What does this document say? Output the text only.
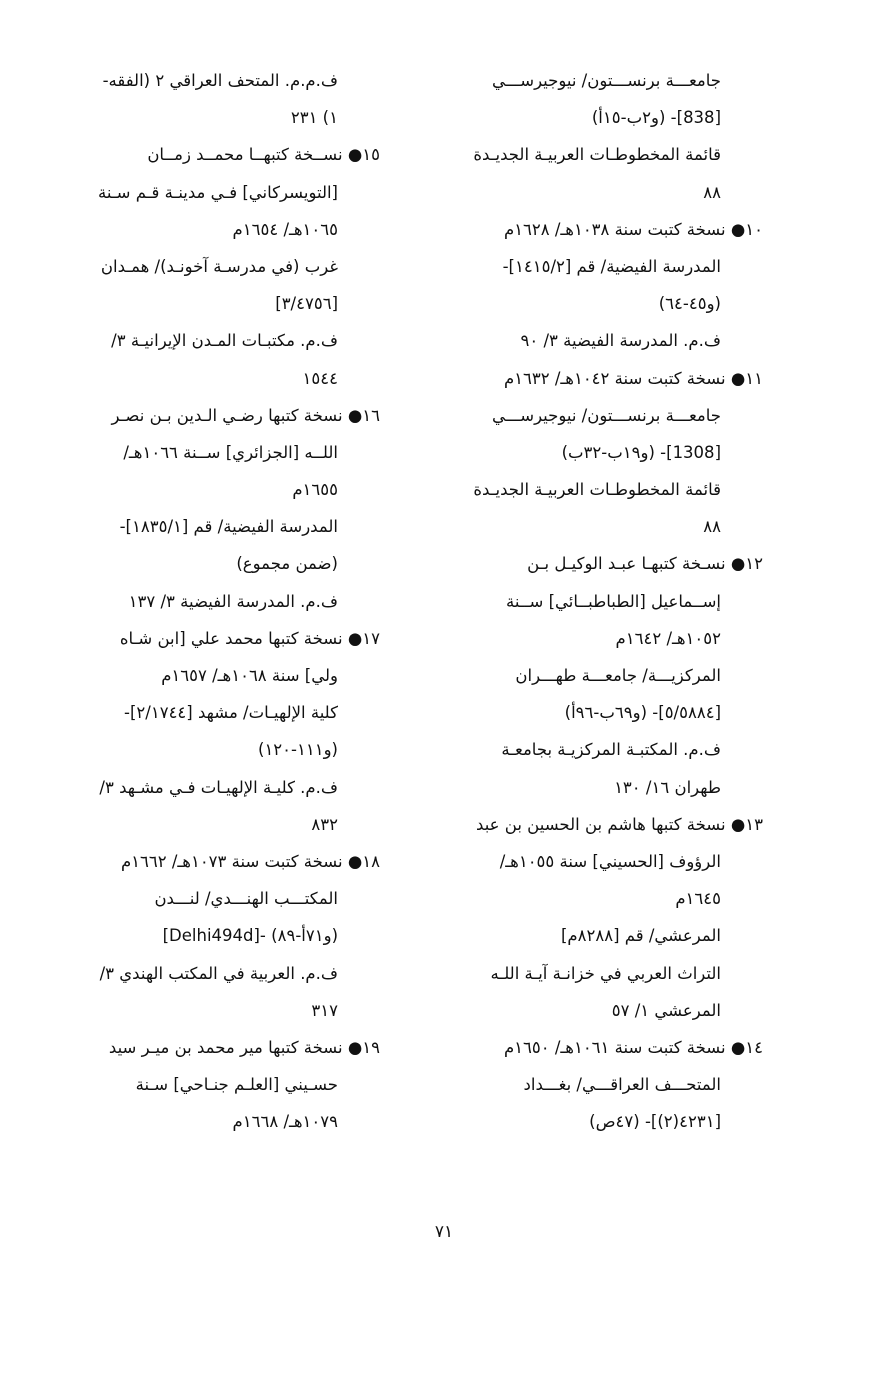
جامعـــة برنســـتون/ نيوجيرســـي
[838]- (و٢ب-١٥أ)
قائمة المخطوطـات العربيـة الجديـدة
٨٨
١٠● نسخة كتبت سنة ١٠٣٨هـ/ ١٦٢٨م
المدرسة الفيضية/ قم [١٤١٥/٢]-
(و٤٥-٦٤)
ف.م. المدرسة الفيضية ٣/ ٩٠
١١● نسخة كتبت سنة ١٠٤٢هـ/ ١٦٣٢م
جامعـــة برنســـتون/ نيوجيرســـي
[1308]- (و١٩ب-٣٢ب)
قائمة المخطوطـات العربيـة الجديـدة
٨٨
١٢● نسـخة كتبهـا عبـد الوكيـل بـن
إســماعيل [الطباطبــائي] ســنة
١٠٥٢هـ/ ١٦٤٢م
المركزيـــة/ جامعـــة طهـــران
[٥/٥٨٨٤]- (و٦٩ب-٩٦أ)
ف.م. المكتبـة المركزيـة بجامعـة
طهران ١٦/ ١٣٠
١٣● نسخة كتبها هاشم بن الحسين بن عبد
الرؤوف [الحسيني] سنة ١٠٥٥هـ/
١٦٤٥م
المرعشي/ قم [٨٢٨٨م]
التراث العربي في خزانـة آيـة اللـه
المرعشي ١/ ٥٧
١٤● نسخة كتبت سنة ١٠٦١هـ/ ١٦٥٠م
المتحـــف العراقـــي/ بغـــداد
[٤٢٣١(٢)]- (٤٧ص)
ف.م.م. المتحف العراقي ٢ (الفقه-
١) ٢٣١
١٥● نســخة كتبهــا محمــد زمــان
[التويسركاني] فـي مدينـة قـم سـنة
١٠٦٥هـ/ ١٦٥٤م
غرب (في مدرسـة آخونـد)/ همـدان
[٣/٤٧٥٦]
ف.م. مكتبـات المـدن الإيرانيـة ٣/
١٥٤٤
١٦● نسخة كتبها رضـي الـدين بـن نصـر
اللــه [الجزائري] ســنة ١٠٦٦هـ/
١٦٥٥م
المدرسة الفيضية/ قم [١٨٣٥/١]-
(ضمن مجموع)
ف.م. المدرسة الفيضية ٣/ ١٣٧
١٧● نسخة كتبها محمد علي [ابن شـاه
ولي] سنة ١٠٦٨هـ/ ١٦٥٧م
كلية الإلهيـات/ مشهد [٢/١٧٤٤]-
(و١١١-١٢٠)
ف.م. كليـة الإلهيـات فـي مشـهد ٣/
٨٣٢
١٨● نسخة كتبت سنة ١٠٧٣هـ/ ١٦٦٢م
المكتـــب الهنـــدي/ لنـــدن
[Delhi494d]- (و٧١أ-٨٩)
ف.م. العربية في المكتب الهندي ٣/
٣١٧
١٩● نسخة كتبها مير محمد بن ميـر سيد
حسـيني [العلـم جنـاحي] سـنة
١٠٧٩هـ/ ١٦٦٨م
٧١
